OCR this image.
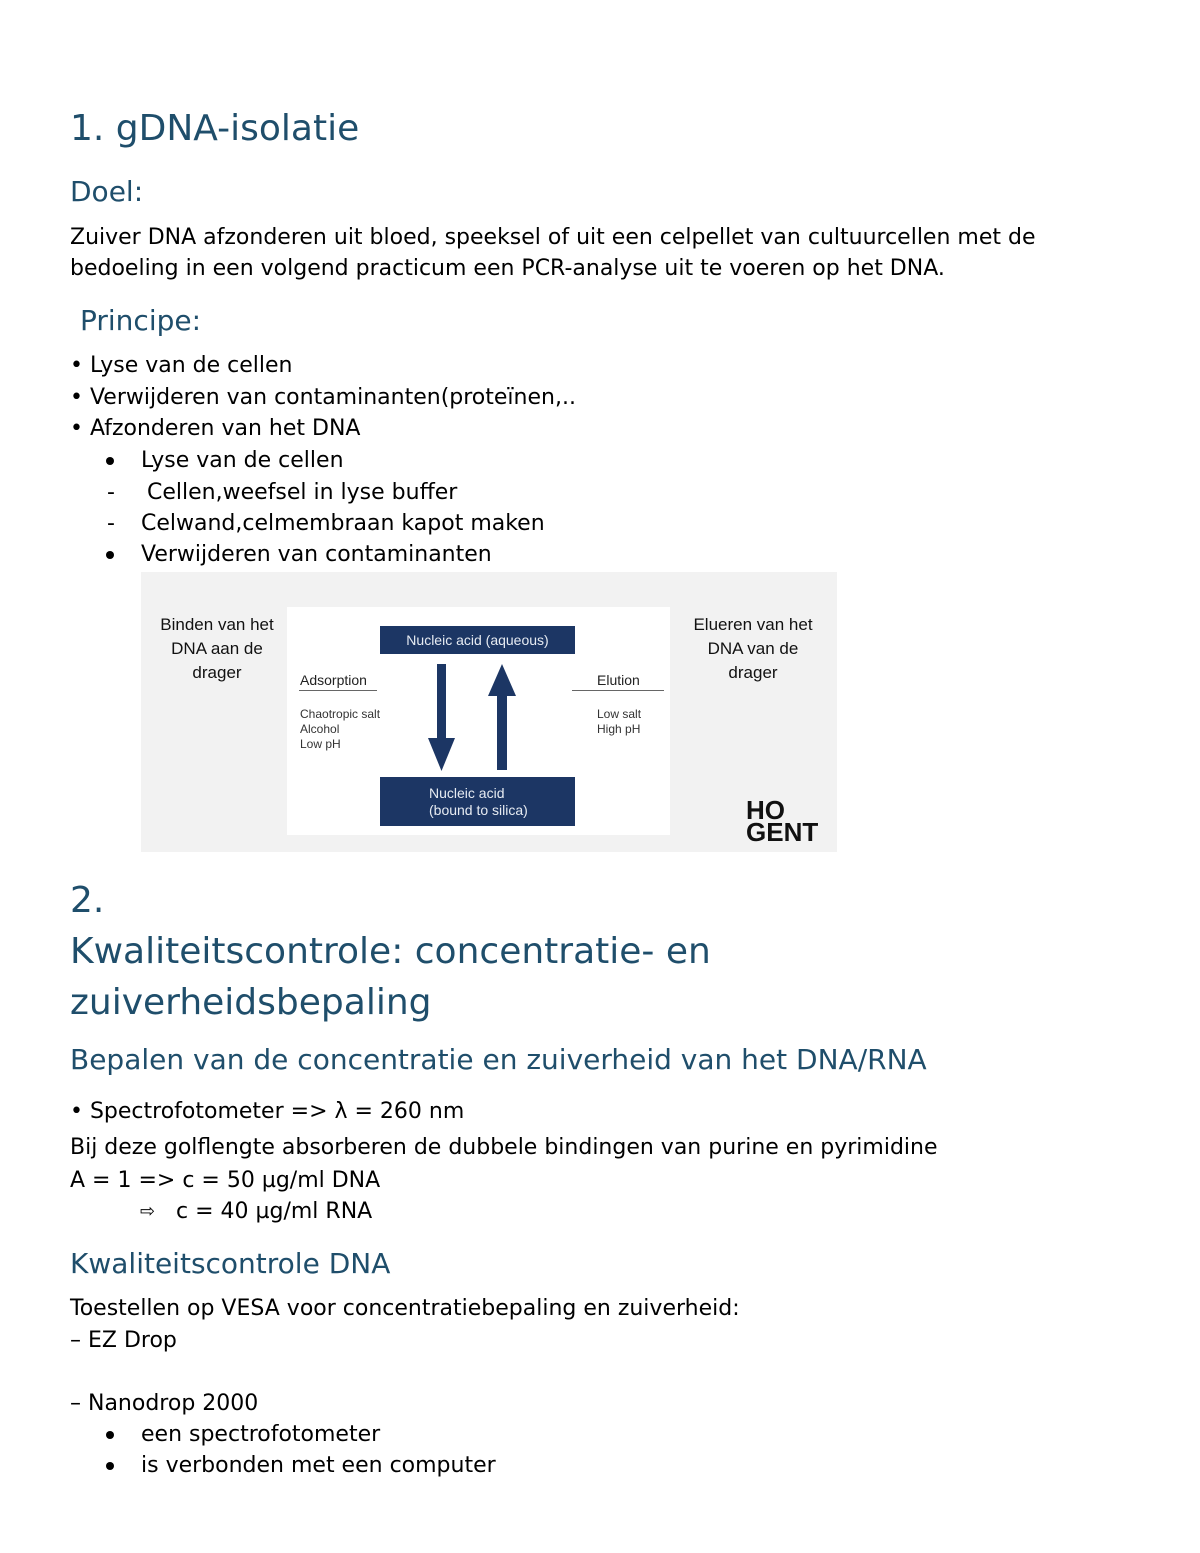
1. gDNA-isolatie
Doel:
Zuiver DNA afzonderen uit bloed, speeksel of uit een celpellet van cultuurcellen met de
bedoeling in een volgend practicum een PCR-analyse uit te voeren op het DNA.
Principe:
• Lyse van de cellen
• Verwijderen van contaminanten(proteïnen,..
• Afzonderen van het DNA
Lyse van de cellen
- Cellen,weefsel in lyse buffer
- Celwand,celmembraan kapot maken
Verwijderen van contaminanten
Binden van het
DNA aan de
drager
Elueren van het
DNA van de
drager
Nucleic acid (aqueous)
Nucleic acid
(bound to silica)
Adsorption
Chaotropic salt
Alcohol
Low pH
Elution
Low salt
High pH
HO
GENT
2.
Kwaliteitscontrole: concentratie- en
zuiverheidsbepaling
Bepalen van de concentratie en zuiverheid van het DNA/RNA
• Spectrofotometer => λ = 260 nm
Bij deze golflengte absorberen de dubbele bindingen van purine en pyrimidine
A = 1 => c = 50 µg/ml DNA
⇨ c = 40 µg/ml RNA
Kwaliteitscontrole DNA
Toestellen op VESA voor concentratiebepaling en zuiverheid:
– EZ Drop
– Nanodrop 2000
een spectrofotometer
is verbonden met een computer
